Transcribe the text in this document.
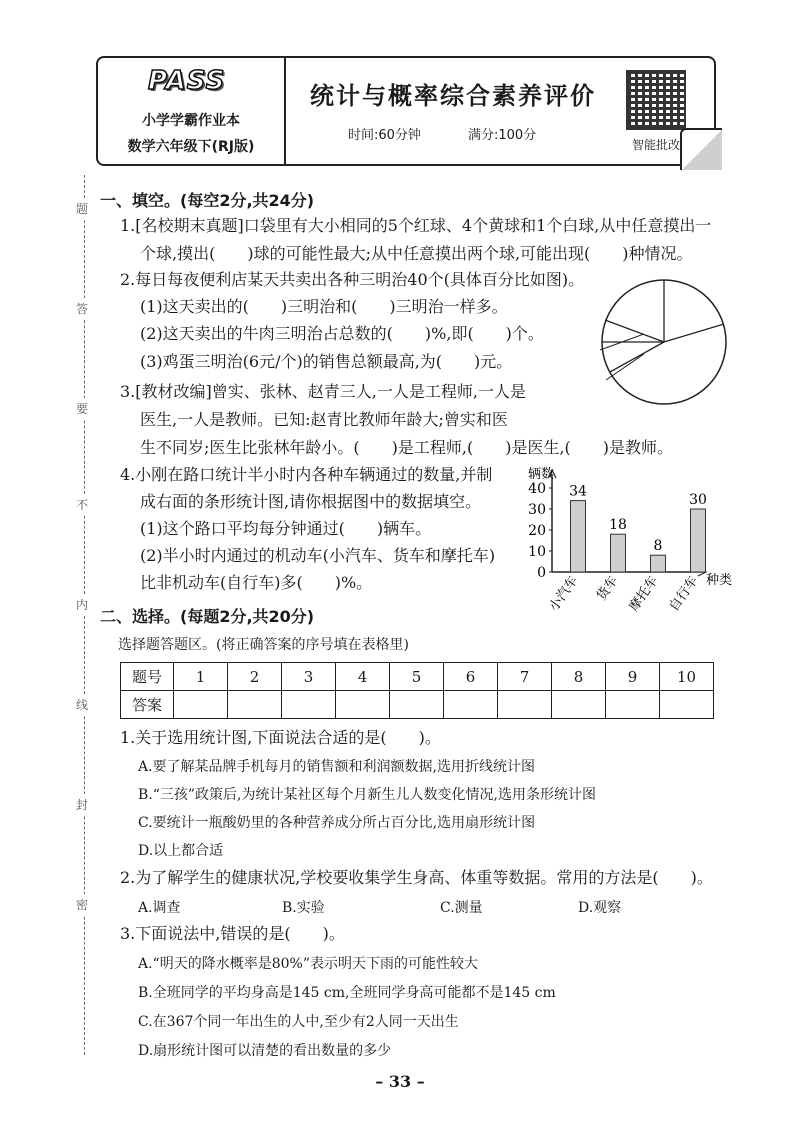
PASS
小学学霸作业本
数学六年级下(RJ版)
统计与概率综合素养评价
时间:60分钟	满分:100分
智能批改
题
答
要
不
内
线
封
密
一、填空。(每空2分,共24分)
1.[名校期末真题]口袋里有大小相同的5个红球、4个黄球和1个白球,从中任意摸出一
个球,摸出(　　)球的可能性最大;从中任意摸出两个球,可能出现(　　)种情况。
2.每日每夜便利店某天共卖出各种三明治40个(具体百分比如图)。
(1)这天卖出的(　　)三明治和(　　)三明治一样多。
(2)这天卖出的牛肉三明治占总数的(　　)%,即(　　)个。
(3)鸡蛋三明治(6元/个)的销售总额最高,为(　　)元。
3.[教材改编]曾实、张林、赵青三人,一人是工程师,一人是
医生,一人是教师。已知:赵青比教师年龄大;曾实和医
生不同岁;医生比张林年龄小。(　　)是工程师,(　　)是医生,(　　)是教师。
4.小刚在路口统计半小时内各种车辆通过的数量,并制
成右面的条形统计图,请你根据图中的数据填空。
(1)这个路口平均每分钟通过(　　)辆车。
(2)半小时内通过的机动车(小汽车、货车和摩托车)
比非机动车(自行车)多(　　)%。
辆数
种类
0
10
20
30
40 34
小汽车
18
货车
8
摩托车
30
自行车
二、选择。(每题2分,共20分)
选择题答题区。(将正确答案的序号填在表格里)
题号	1	2	3	4	5	6	7	8	9	10
答案										
1.关于选用统计图,下面说法合适的是(　　)。
A.要了解某品牌手机每月的销售额和利润额数据,选用折线统计图
B.“三孩”政策后,为统计某社区每个月新生儿人数变化情况,选用条形统计图
C.要统计一瓶酸奶里的各种营养成分所占百分比,选用扇形统计图
D.以上都合适
2.为了解学生的健康状况,学校要收集学生身高、体重等数据。常用的方法是(　　)。
A.调查	B.实验	C.测量	D.观察
3.下面说法中,错误的是(　　)。
A.“明天的降水概率是80%”表示明天下雨的可能性较大
B.全班同学的平均身高是145 cm,全班同学身高可能都不是145 cm
C.在367个同一年出生的人中,至少有2人同一天出生
D.扇形统计图可以清楚的看出数量的多少
– 33 –
